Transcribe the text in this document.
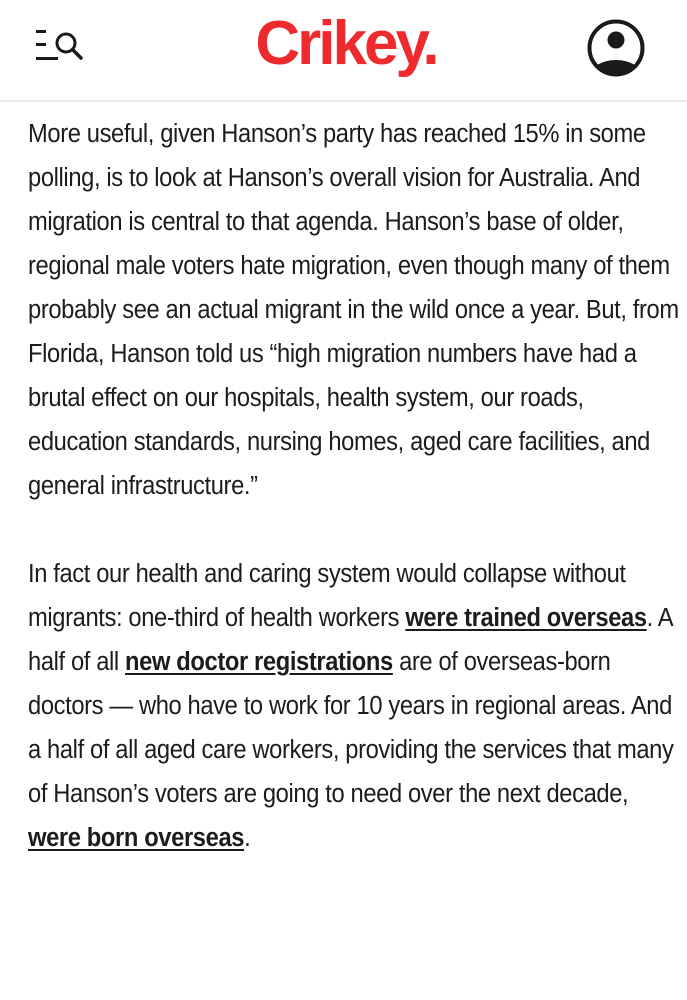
Crikey.

More useful, given Hanson’s party has reached 15% in some polling, is to look at Hanson’s overall vision for Australia. And migration is central to that agenda. Hanson’s base of older, regional male voters hate migration, even though many of them probably see an actual migrant in the wild once a year. But, from Florida, Hanson told us “high migration numbers have had a brutal effect on our hospitals, health system, our roads, education standards, nursing homes, aged care facilities, and general infrastructure.”

In fact our health and caring system would collapse without migrants: one-third of health workers were trained overseas. A half of all new doctor registrations are of overseas-born doctors — who have to work for 10 years in regional areas. And a half of all aged care workers, providing the services that many of Hanson’s voters are going to need over the next decade, were born overseas.
